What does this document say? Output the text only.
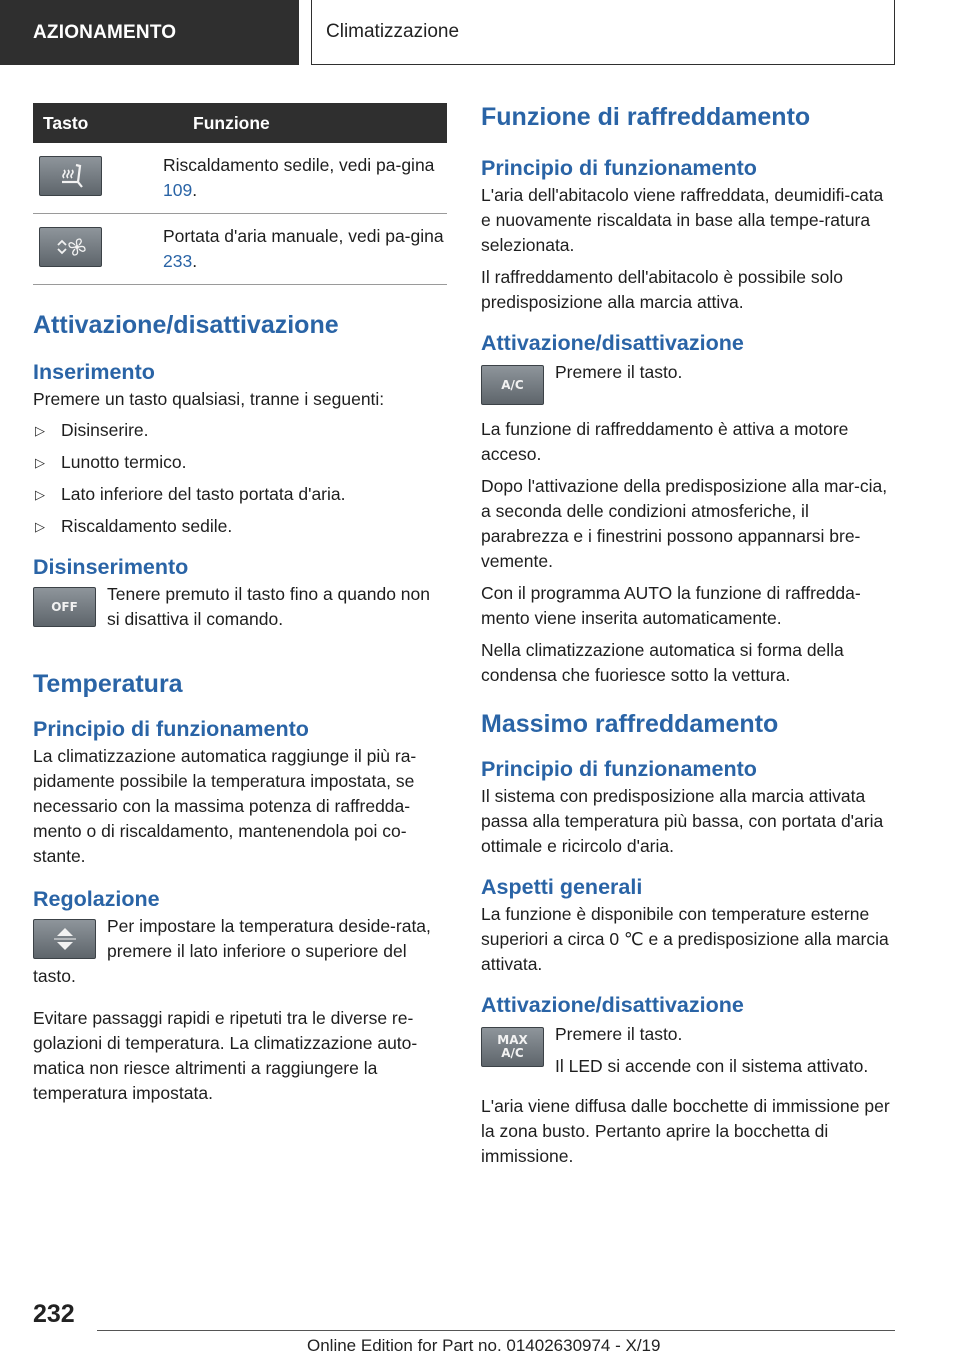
AZIONAMENTO	Climatizzazione
Tasto	Funzione

Riscaldamento sedile, vedi pa-gina 109.

Portata d'aria manuale, vedi pa-gina 233.

Attivazione/disattivazione
Inserimento

Premere un tasto qualsiasi, tranne i seguenti:

▷ Disinserire.
▷ Lunotto termico.
▷ Lato inferiore del tasto portata d'aria.
▷ Riscaldamento sedile.
Disinserimento
OFF

Tenere premuto il tasto fino a quando non si disattiva il comando.

Temperatura
Principio di funzionamento

La climatizzazione automatica raggiunge il più ra-pidamente possibile la temperatura impostata, se necessario con la massima potenza di raffredda-mento o di riscaldamento, mantenendola poi co-stante.

Regolazione

Per impostare la temperatura deside-rata, premere il lato inferiore o superiore del tasto.

Evitare passaggi rapidi e ripetuti tra le diverse re-golazioni di temperatura. La climatizzazione auto-matica non riesce altrimenti a raggiungere la temperatura impostata.

Funzione di raffreddamento
Principio di funzionamento

L'aria dell'abitacolo viene raffreddata, deumidifi-cata e nuovamente riscaldata in base alla tempe-ratura selezionata.

Il raffreddamento dell'abitacolo è possibile solo predisposizione alla marcia attiva.

Attivazione/disattivazione
A/C

Premere il tasto.

La funzione di raffreddamento è attiva a motore acceso.

Dopo l'attivazione della predisposizione alla mar-cia, a seconda delle condizioni atmosferiche, il parabrezza e i finestrini possono appannarsi bre-vemente.

Con il programma AUTO la funzione di raffredda-mento viene inserita automaticamente.

Nella climatizzazione automatica si forma della condensa che fuoriesce sotto la vettura.

Massimo raffreddamento
Principio di funzionamento

Il sistema con predisposizione alla marcia attivata passa alla temperatura più bassa, con portata d'aria ottimale e ricircolo d'aria.

Aspetti generali

La funzione è disponibile con temperature esterne superiori a circa 0 ℃ e a predisposizione alla marcia attivata.

Attivazione/disattivazione
MAX
A/C

Premere il tasto.

Il LED si accende con il sistema attivato.

L'aria viene diffusa dalle bocchette di immissione per la zona busto. Pertanto aprire la bocchetta di immissione.

232
Online Edition for Part no. 01402630974 - X/19
